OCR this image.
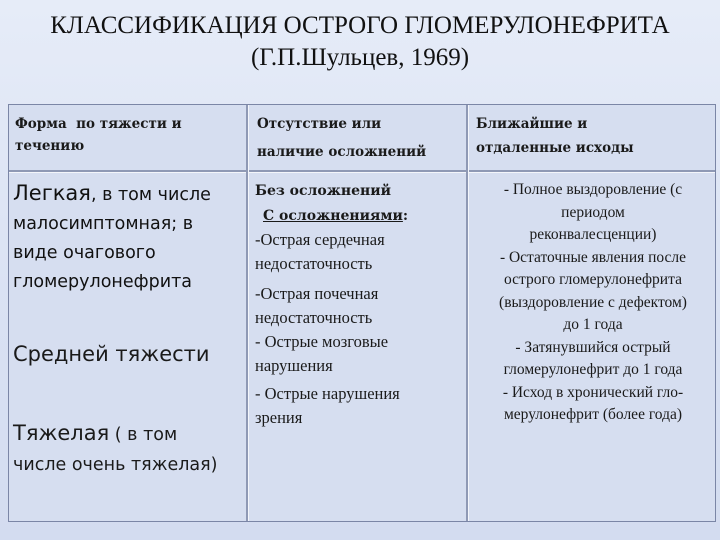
КЛАССИФИКАЦИЯ ОСТРОГО ГЛОМЕРУЛОНЕФРИТА
(Г.П.Шульцев, 1969)
Форма  по тяжести и
течению
Отсутствие или
наличие осложнений
Ближайшие и
отдаленные исходы
Легкая, в том числе
малосимптомная; в
виде очагового
гломерулонефрита
Средней тяжести
Тяжелая ( в том
числе очень тяжелая)
Без осложнений
С осложнениями:
-Острая сердечная
недостаточность
-Острая почечная
недостаточность
- Острые мозговые
нарушения
- Острые нарушения
зрения
- Полное выздоровление (с
периодом
реконвалесценции)
- Остаточные явления после
острого гломерулонефрита
(выздоровление с дефектом)
до 1 года
- Затянувшийся острый
гломерулонефрит до 1 года
- Исход в хронический гло-
мерулонефрит (более года)
